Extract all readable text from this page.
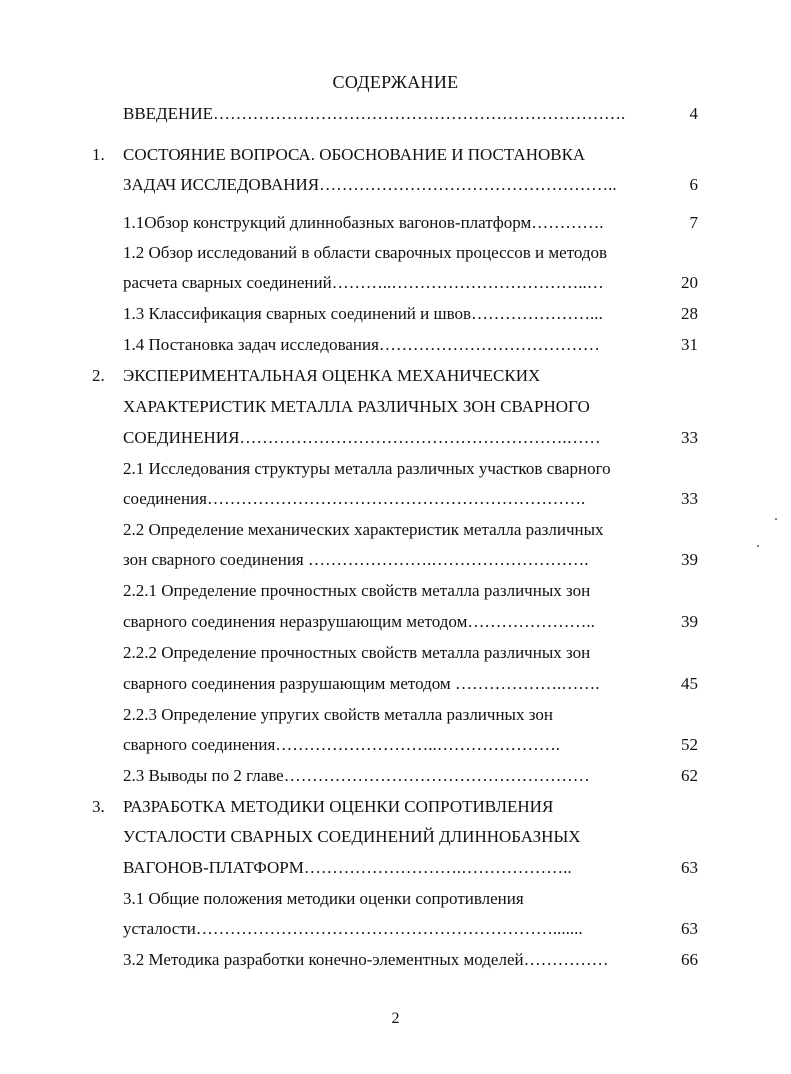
СОДЕРЖАНИЕ
ВВЕДЕНИЕ……………………………………………………………….	4
1. СОСТОЯНИЕ ВОПРОСА. ОБОСНОВАНИЕ И ПОСТАНОВКА
ЗАДАЧ ИССЛЕДОВАНИЯ……………………………………………..	6
1.1Обзор конструкций длиннобазных вагонов-платформ………….	7
1.2 Обзор исследований в области сварочных процессов и методов
расчета сварных соединений………..……………………………..…	20
1.3 Классификация сварных соединений и швов…………………...	28
1.4 Постановка задач исследования…………………………………	31
2. ЭКСПЕРИМЕНТАЛЬНАЯ ОЦЕНКА МЕХАНИЧЕСКИХ
ХАРАКТЕРИСТИК МЕТАЛЛА РАЗЛИЧНЫХ ЗОН СВАРНОГО
СОЕДИНЕНИЯ………………………………………………….……	33
2.1 Исследования структуры металла различных участков сварного
соединения………………………………………………………….	33
2.2 Определение механических характеристик металла различных
зон сварного соединения ………………….……………………….	39
2.2.1 Определение прочностных свойств металла различных зон
сварного соединения неразрушающим методом…………………..	39
2.2.2 Определение прочностных свойств металла различных зон
сварного соединения разрушающим методом ……………….…….	45
2.2.3 Определение упругих свойств металла различных зон
сварного соединения………………………..………………….	52
2.3 Выводы по 2 главе………………………………………………	62
3. РАЗРАБОТКА МЕТОДИКИ ОЦЕНКИ СОПРОТИВЛЕНИЯ
УСТАЛОСТИ СВАРНЫХ СОЕДИНЕНИЙ ДЛИННОБАЗНЫХ
ВАГОНОВ-ПЛАТФОРМ……………………….………………..	63
3.1 Общие положения методики оценки сопротивления
усталости……………………………………………………….......	63
3.2 Методика разработки конечно-элементных моделей……………	66
2
